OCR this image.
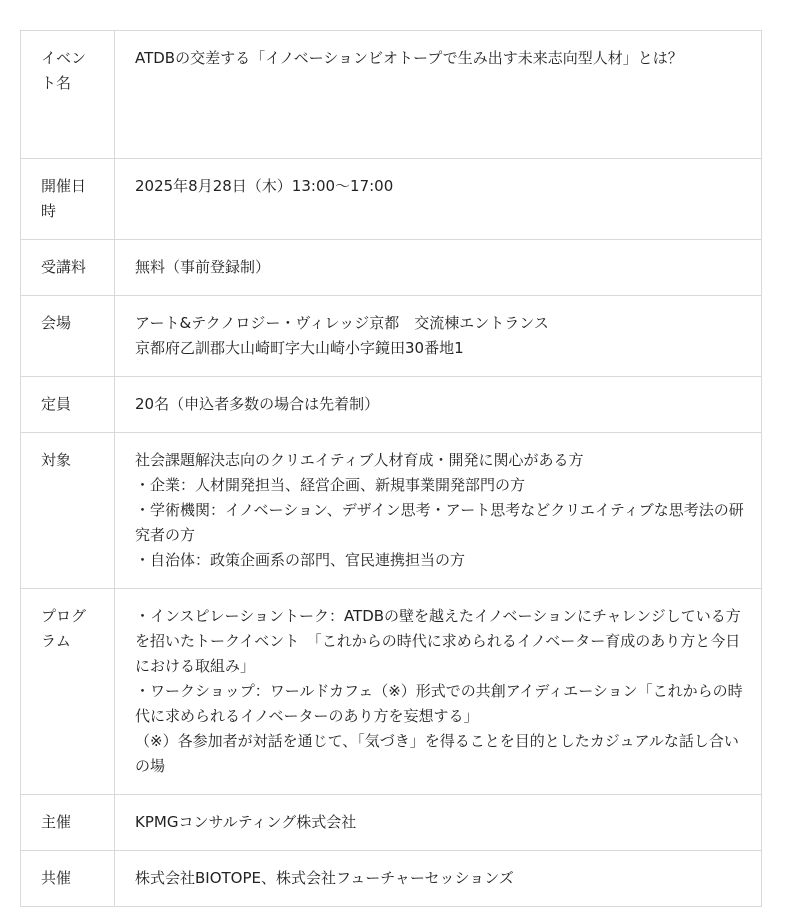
イベント名	ATDBの交差する「イノベーションビオトープで生み出す未来志向型人材」とは？
開催日時	2025年8月28日（木）13:00～17:00
受講料	無料（事前登録制）
会場	アート&テクノロジー・ヴィレッジ京都　交流棟エントランス
京都府乙訓郡大山崎町字大山崎小字鏡田30番地1

定員	20名（申込者多数の場合は先着制）
対象	社会課題解決志向のクリエイティブ人材育成・開発に関心がある方
・企業：人材開発担当、経営企画、新規事業開発部門の方
・学術機関：イノベーション、デザイン思考・アート思考などクリエイティブな思考法の研究者の方
・自治体：政策企画系の部門、官民連携担当の方

プログラム	・インスピレーショントーク：ATDBの壁を越えたイノベーションにチャレンジしている方を招いたトークイベント　「これからの時代に求められるイノベーター育成のあり方と今日における取組み」
・ワークショップ：ワールドカフェ（※）形式での共創アイディエーション「これからの時代に求められるイノベーターのあり方を妄想する」
（※）各参加者が対話を通じて、「気づき」を得ることを目的としたカジュアルな話し合いの場

主催	KPMGコンサルティング株式会社
共催	株式会社BIOTOPE、株式会社フューチャーセッションズ
